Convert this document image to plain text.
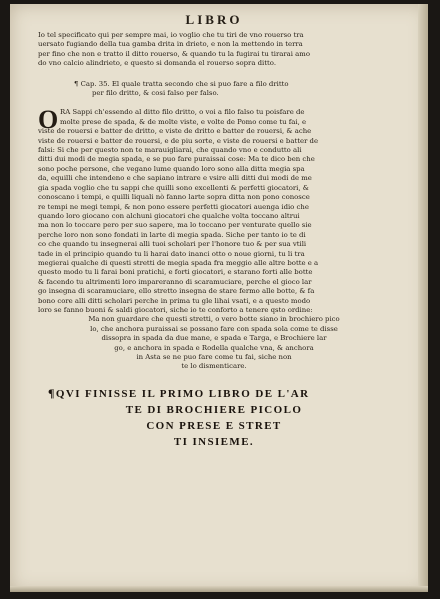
LIBRO
Io tel specificato qui per sempre mai, io voglio che tu tiri de vno rouerso tra
uersato fugiando della tua gamba drita in drieto, e non la mettendo in terra
per fino che non e tratto il ditto rouerso, & quando tu la fugirai tu tirarai amo
do vno calcio alindrieto, e questo si domanda el rouerso sopra ditto.
¶ Cap. 35. El quale tratta secondo che si puo fare a filo dritto
per filo dritto, & cosi falso per falso.
O RA Sappi ch'essendo al ditto filo dritto, o voi a filo falso tu poisfare de
molte prese de spada, & de molte viste, e volte de Pomo come tu fai, e
viste de rouersi e batter de dritto, e viste de dritto e batter de rouersi, & ache
viste de rouersi e batter de rouersi, e de piu sorte, e viste de rouersi e batter de
falsi: Si che per questo non te marauigliarai, che quando vno e condutto ali
ditti dui modi de megia spada, e se puo fare puraissai cose: Ma te dico ben che
sono poche persone, che vegano lume quando loro sono alla ditta megia spa
da, equilli che intendeno e che sapiano intrare e vsire alli ditti dui modi de me
gia spada voglio che tu sappi che quilli sono excellenti & perfetti giocatori, &
conoscano i tempi, e quilli liquali nò fanno larte sopra ditta non pono conosce
re tempi ne megi tempi, & non pono essere perfetti giocatori auenga idio che
quando loro giocano con alchuni giocatori che qualche volta toccano altrui
ma non lo toccare pero per suo sapere, ma lo toccano per venturate quello sie
perche loro non sono fondati in larte di megia spada. Siche per tanto io te di
co che quando tu insegnerai alli tuoi scholari per l'honore tuo & per sua vtili
tade in el principio quando tu li harai dato inanci otto o noue giorni, tu li tra
megierai qualche di questi stretti de megia spada fra meggio alle altre botte e a
questo modo tu li farai boni pratichi, e forti giocatori, e starano forti alle botte
& facendo tu altrimenti loro impareranno di scaramuciare, perche el gioco lar
go insegna di scaramuciare, ello stretto insegna de stare fermo alle botte, & fa
bono core alli ditti scholari perche in prima tu gle lihai vsati, e a questo modo
loro se fanno buoni & saldi giocatori, siche io te conforto a tenere qsto ordine:
Ma non guardare che questi stretti, o vero botte siano in brochiero pico
lo, che anchora puraissai se possano fare con spada sola come te disse
dissopra in spada da due mane, e spada e Targa, e Brochiere lar
go, e anchora in spada e Rodella qualche vna, & anchora
in Asta se ne puo fare come tu fai, siche non
te lo dismenticare.
¶QVI FINISSE IL PRIMO LIBRO DE L'AR
TE DI BROCHIERE PICOLO
CON PRESE E STRET
TI INSIEME.
